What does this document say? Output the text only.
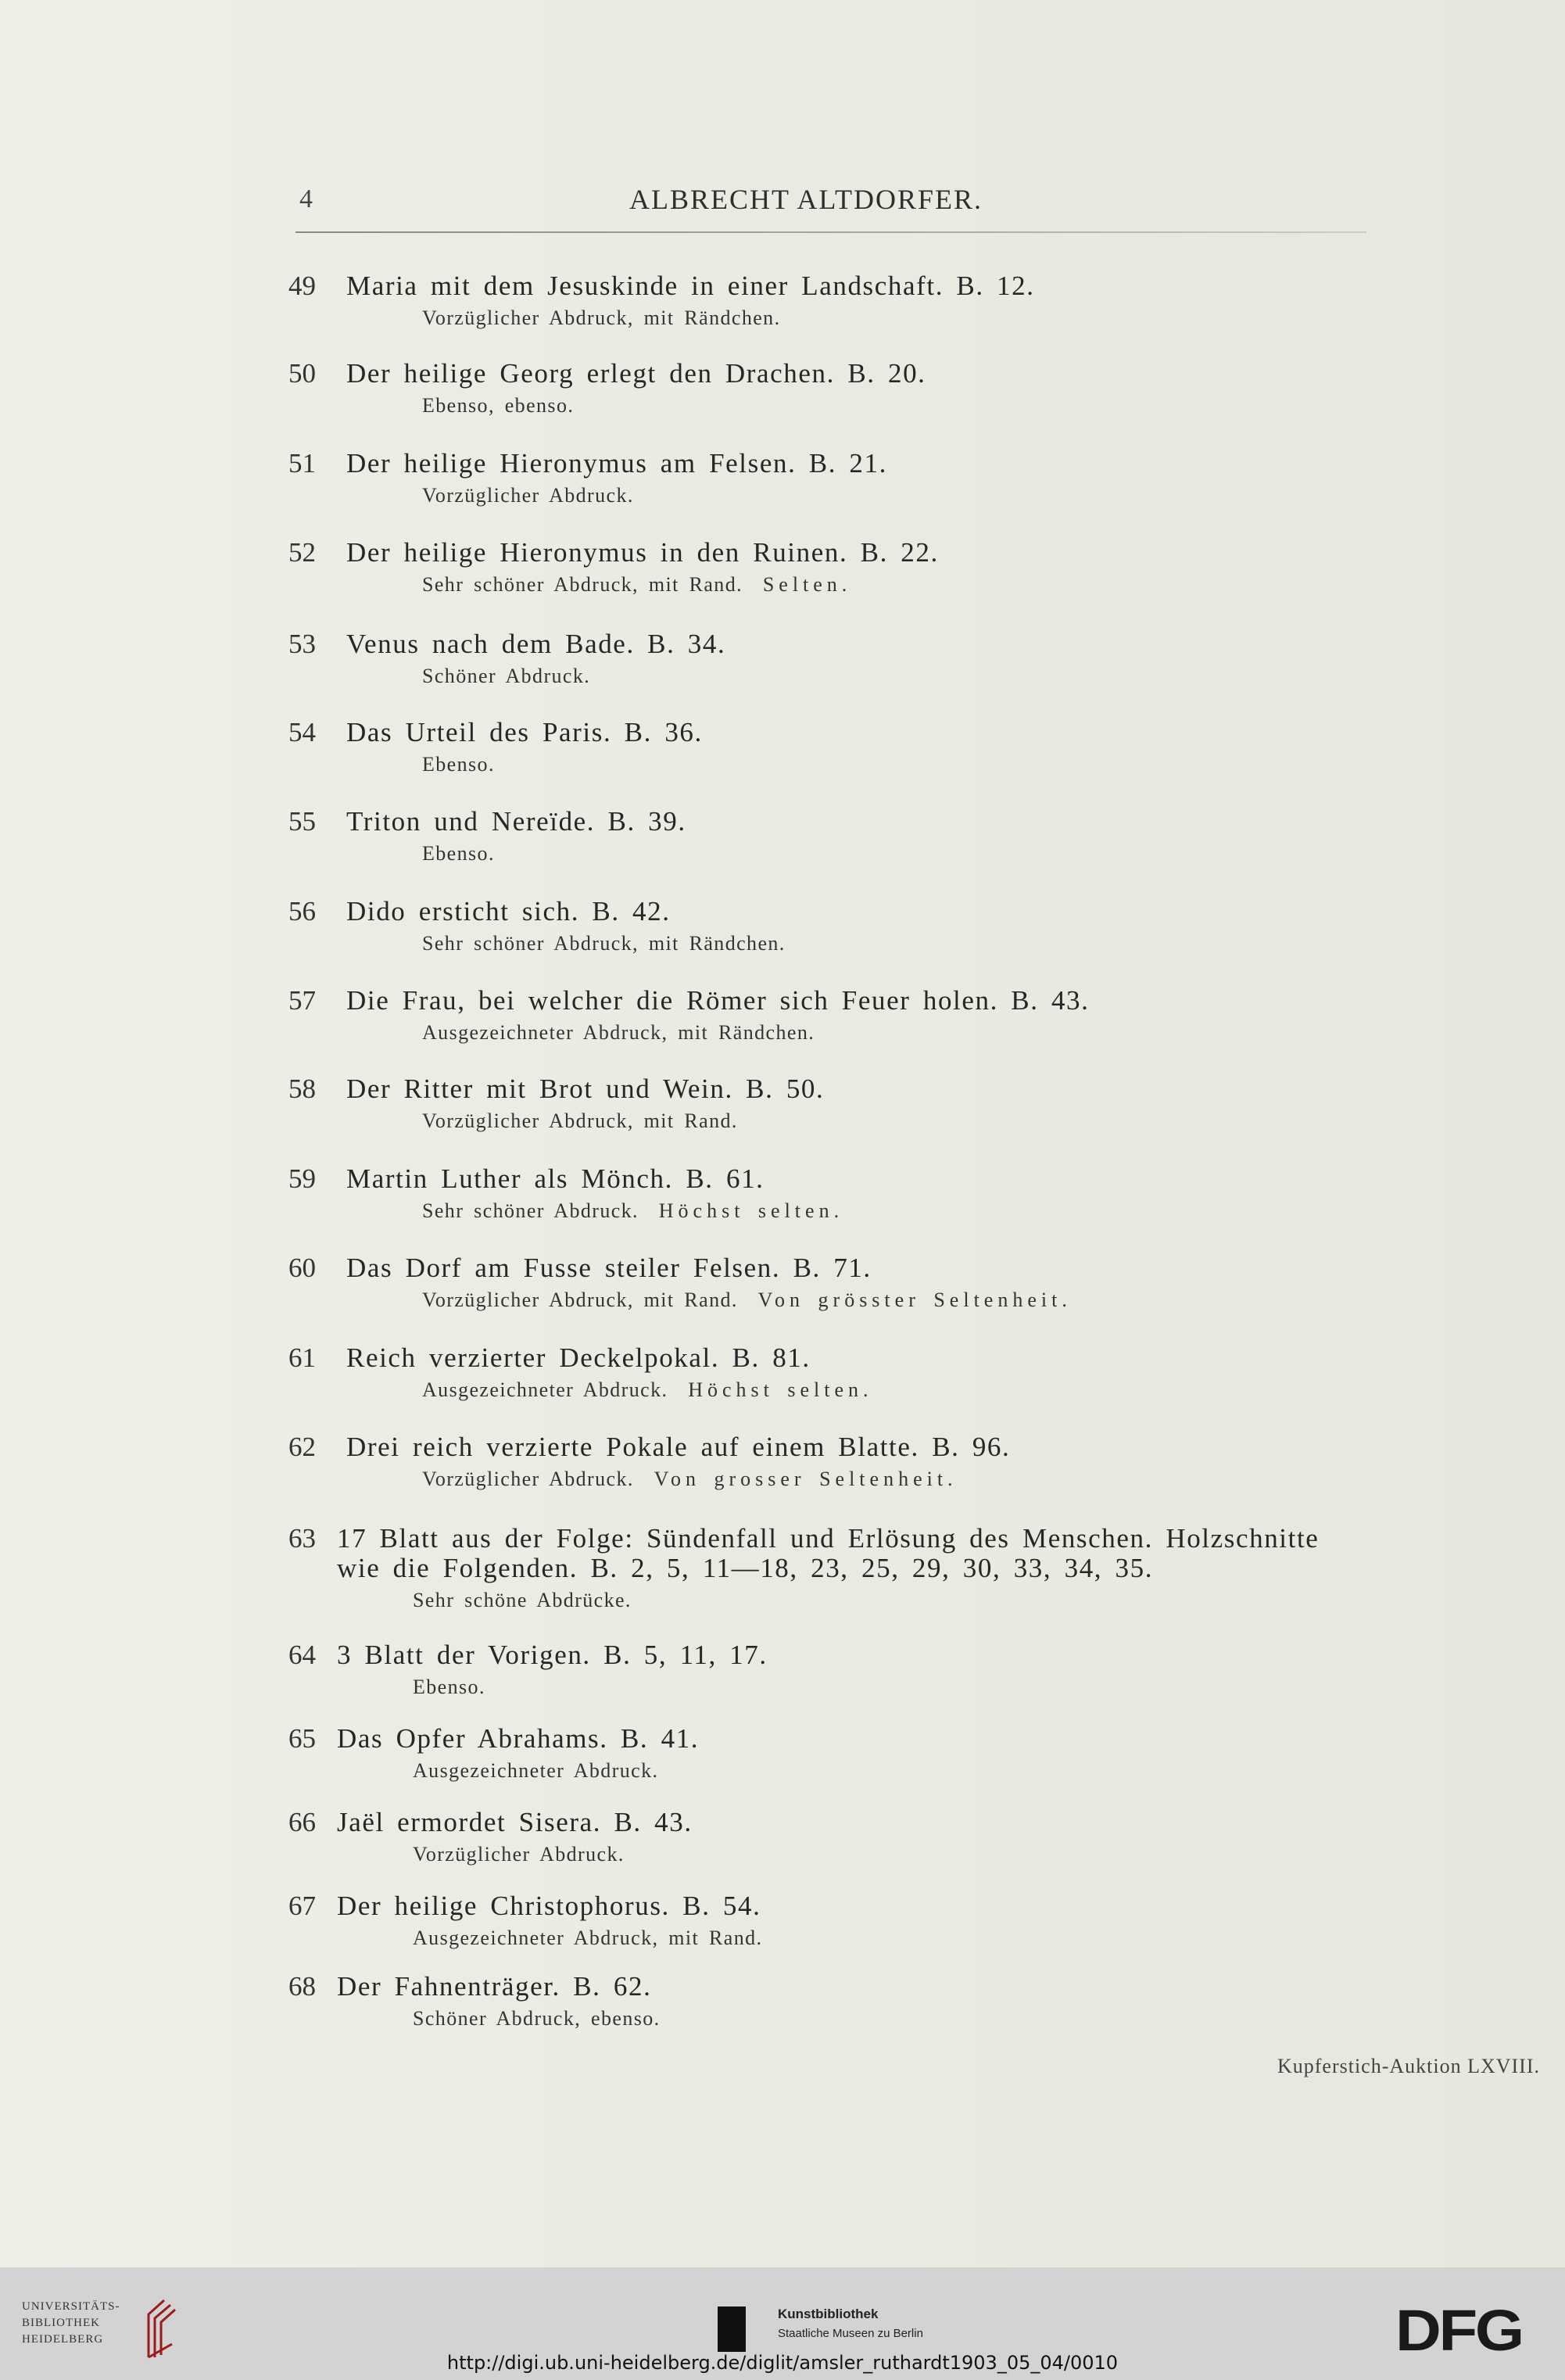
4	ALBRECHT ALTDORFER.
49 Maria mit dem Jesuskinde in einer Landschaft. B. 12.
Vorzüglicher Abdruck, mit Rändchen.
50 Der heilige Georg erlegt den Drachen. B. 20.
Ebenso, ebenso.
51 Der heilige Hieronymus am Felsen. B. 21.
Vorzüglicher Abdruck.
52 Der heilige Hieronymus in den Ruinen. B. 22.
Sehr schöner Abdruck, mit Rand.  Selten.
53 Venus nach dem Bade. B. 34.
Schöner Abdruck.
54 Das Urteil des Paris. B. 36.
Ebenso.
55 Triton und Nereïde. B. 39.
Ebenso.
56 Dido ersticht sich. B. 42.
Sehr schöner Abdruck, mit Rändchen.
57 Die Frau, bei welcher die Römer sich Feuer holen. B. 43.
Ausgezeichneter Abdruck, mit Rändchen.
58 Der Ritter mit Brot und Wein. B. 50.
Vorzüglicher Abdruck, mit Rand.
59 Martin Luther als Mönch. B. 61.
Sehr schöner Abdruck.  Höchst selten.
60 Das Dorf am Fusse steiler Felsen. B. 71.
Vorzüglicher Abdruck, mit Rand.  Von grösster Seltenheit.
61 Reich verzierter Deckelpokal. B. 81.
Ausgezeichneter Abdruck.  Höchst selten.
62 Drei reich verzierte Pokale auf einem Blatte. B. 96.
Vorzüglicher Abdruck.  Von grosser Seltenheit.
63 17 Blatt aus der Folge: Sündenfall und Erlösung des Menschen. Holzschnitte
wie die Folgenden. B. 2, 5, 11—18, 23, 25, 29, 30, 33, 34, 35.
Sehr schöne Abdrücke.
64 3 Blatt der Vorigen. B. 5, 11, 17.
Ebenso.
65 Das Opfer Abrahams. B. 41.
Ausgezeichneter Abdruck.
66 Jaël ermordet Sisera. B. 43.
Vorzüglicher Abdruck.
67 Der heilige Christophorus. B. 54.
Ausgezeichneter Abdruck, mit Rand.
68 Der Fahnenträger. B. 62.
Schöner Abdruck, ebenso.
Kupferstich-Auktion LXVIII.
UNIVERSITÄTS-
BIBLIOTHEK
HEIDELBERG
Kunstbibliothek
Staatliche Museen zu Berlin	DFG
http://digi.ub.uni-heidelberg.de/diglit/amsler_ruthardt1903_05_04/0010
